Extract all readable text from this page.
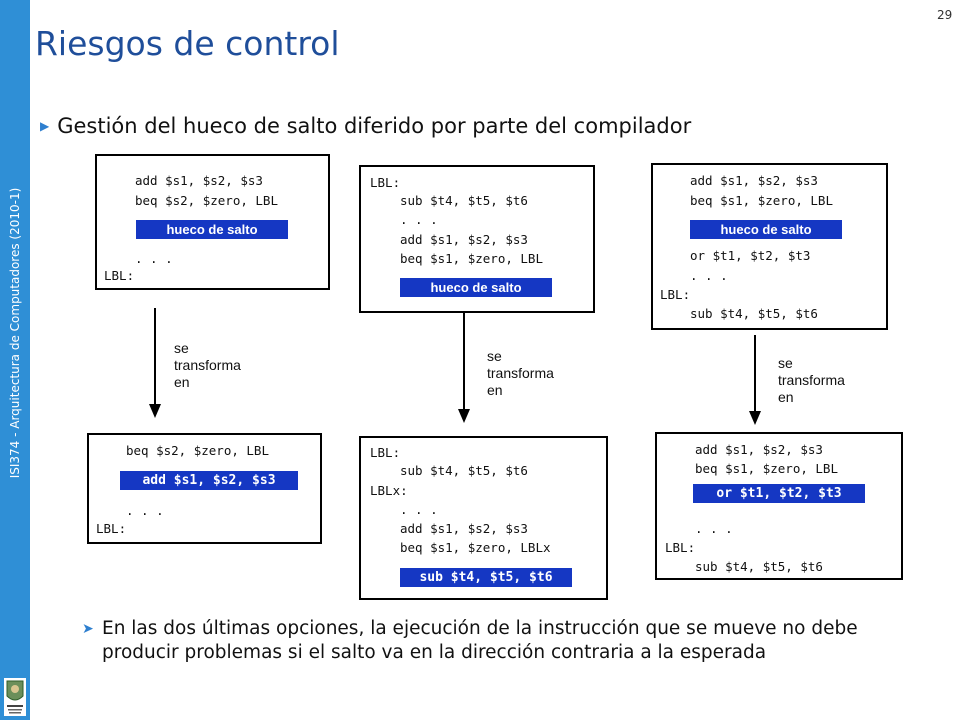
ISI374 - Arquitectura de Computadores (2010-1)
29
Riesgos de control
▶ Gestión del hueco de salto diferido por parte del compilador
add $s1, $s2, $s3
beq $s2, $zero, LBL
hueco de salto
. . .
LBL:
LBL:
sub $t4, $t5, $t6
. . .
add $s1, $s2, $s3
beq $s1, $zero, LBL
hueco de salto
add $s1, $s2, $s3
beq $s1, $zero, LBL
hueco de salto
or $t1, $t2, $t3
. . .
LBL:
sub $t4, $t5, $t6
se
transforma
en
se
transforma
en
se
transforma
en
beq $s2, $zero, LBL
add $s1, $s2, $s3
. . .
LBL:
LBL:
sub $t4, $t5, $t6
LBLx:
. . .
add $s1, $s2, $s3
beq $s1, $zero, LBLx
sub $t4, $t5, $t6
add $s1, $s2, $s3
beq $s1, $zero, LBL
or $t1, $t2, $t3
. . .
LBL:
sub $t4, $t5, $t6
➤ En las dos últimas opciones, la ejecución de la instrucción que se mueve no debe producir problemas si el salto va en la dirección contraria a la esperada
